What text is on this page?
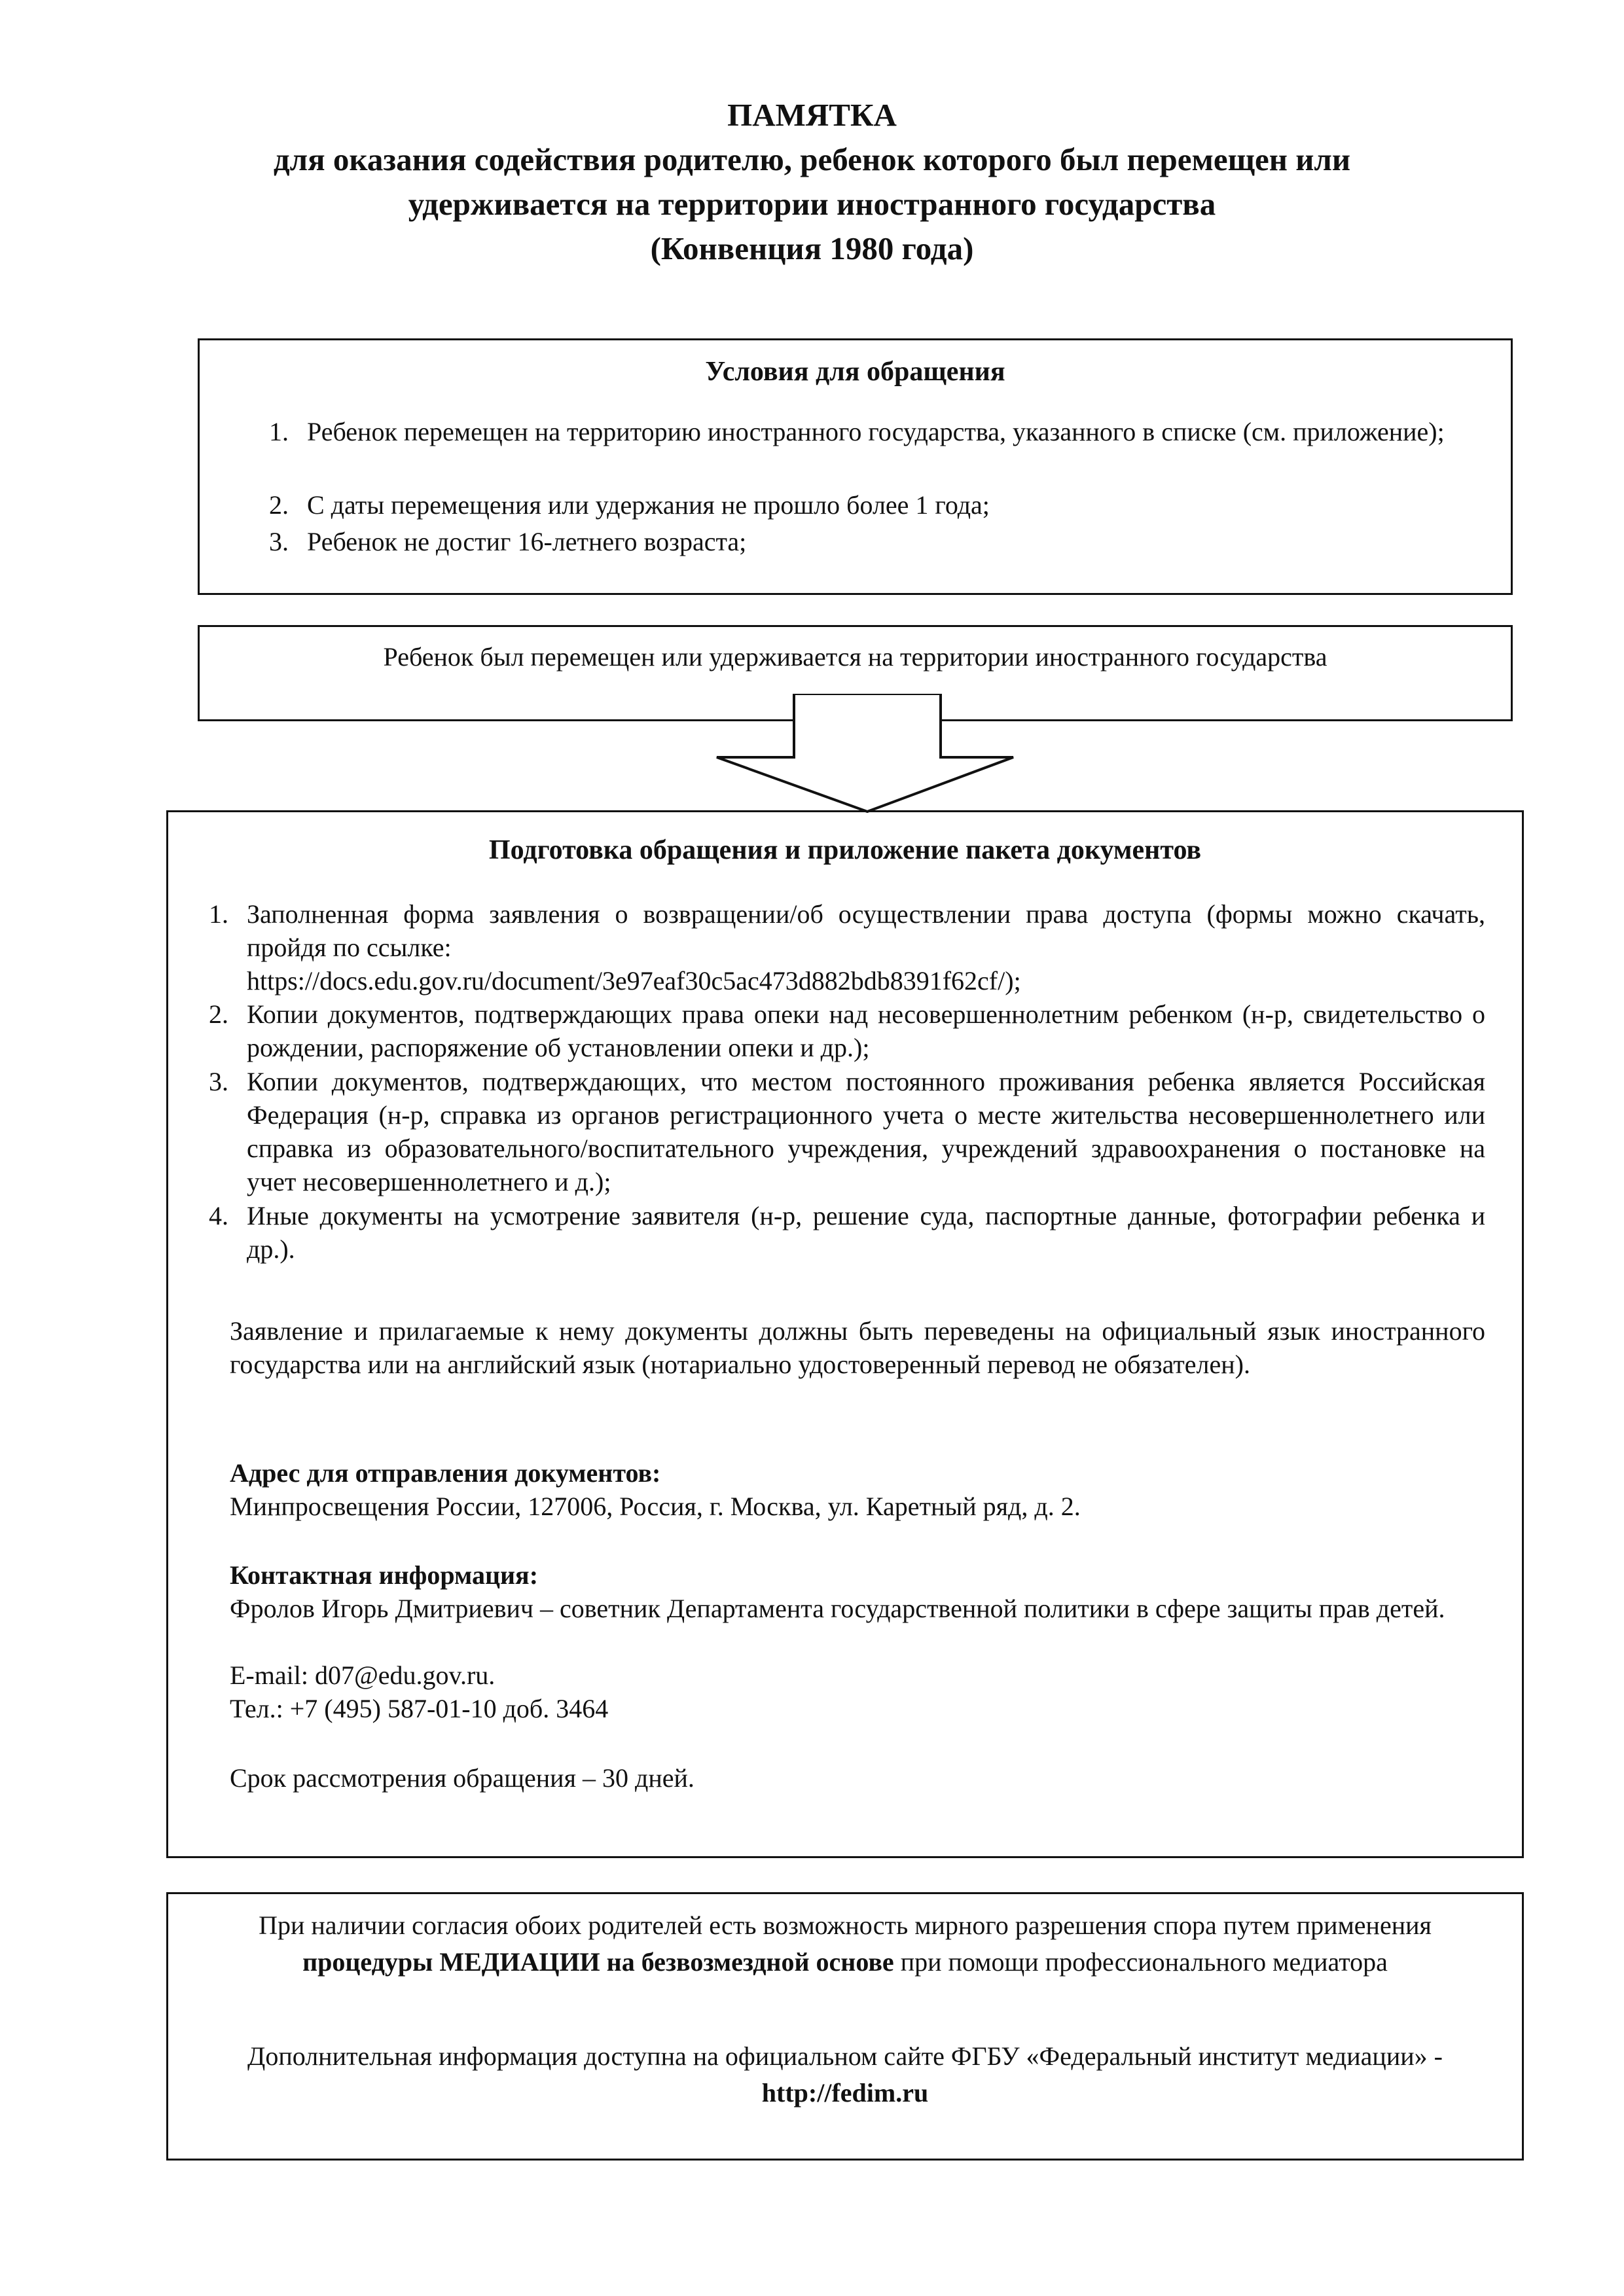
ПАМЯТКА
для оказания содействия родителю, ребенок которого был перемещен или
удерживается на территории иностранного государства
(Конвенция 1980 года)
Условия для обращения
1. Ребенок перемещен на территорию иностранного государства, указанного в списке (см. приложение);
2. С даты перемещения или удержания не прошло более 1 года;
3. Ребенок не достиг 16-летнего возраста;
Ребенок был перемещен или удерживается на территории иностранного государства
Подготовка обращения и приложение пакета документов
1. Заполненная форма заявления о возвращении/об осуществлении права доступа (формы можно скачать, пройдя по ссылке:
https://docs.edu.gov.ru/document/3e97eaf30c5ac473d882bdb8391f62cf/);
2. Копии документов, подтверждающих права опеки над несовершеннолетним ребенком (н-р, свидетельство о рождении, распоряжение об установлении опеки и др.);
3. Копии документов, подтверждающих, что местом постоянного проживания ребенка является Российская Федерация (н-р, справка из органов регистрационного учета о месте жительства несовершеннолетнего или справка из образовательного/воспитательного учреждения, учреждений здравоохранения о постановке на учет несовершеннолетнего и д.);
4. Иные документы на усмотрение заявителя (н-р, решение суда, паспортные данные, фотографии ребенка и др.).
Заявление и прилагаемые к нему документы должны быть переведены на официальный язык иностранного государства или на английский язык (нотариально удостоверенный перевод не обязателен).
Адрес для отправления документов:
Минпросвещения России, 127006, Россия, г. Москва, ул. Каретный ряд, д. 2.
Контактная информация:
Фролов Игорь Дмитриевич – советник Департамента государственной политики в сфере защиты прав детей.
E-mail: d07@edu.gov.ru.
Тел.: +7 (495) 587-01-10 доб. 3464
Срок рассмотрения обращения – 30 дней.
При наличии согласия обоих родителей есть возможность мирного разрешения спора путем применения процедуры МЕДИАЦИИ на безвозмездной основе при помощи профессионального медиатора
Дополнительная информация доступна на официальном сайте ФГБУ «Федеральный институт медиации» - http://fedim.ru
